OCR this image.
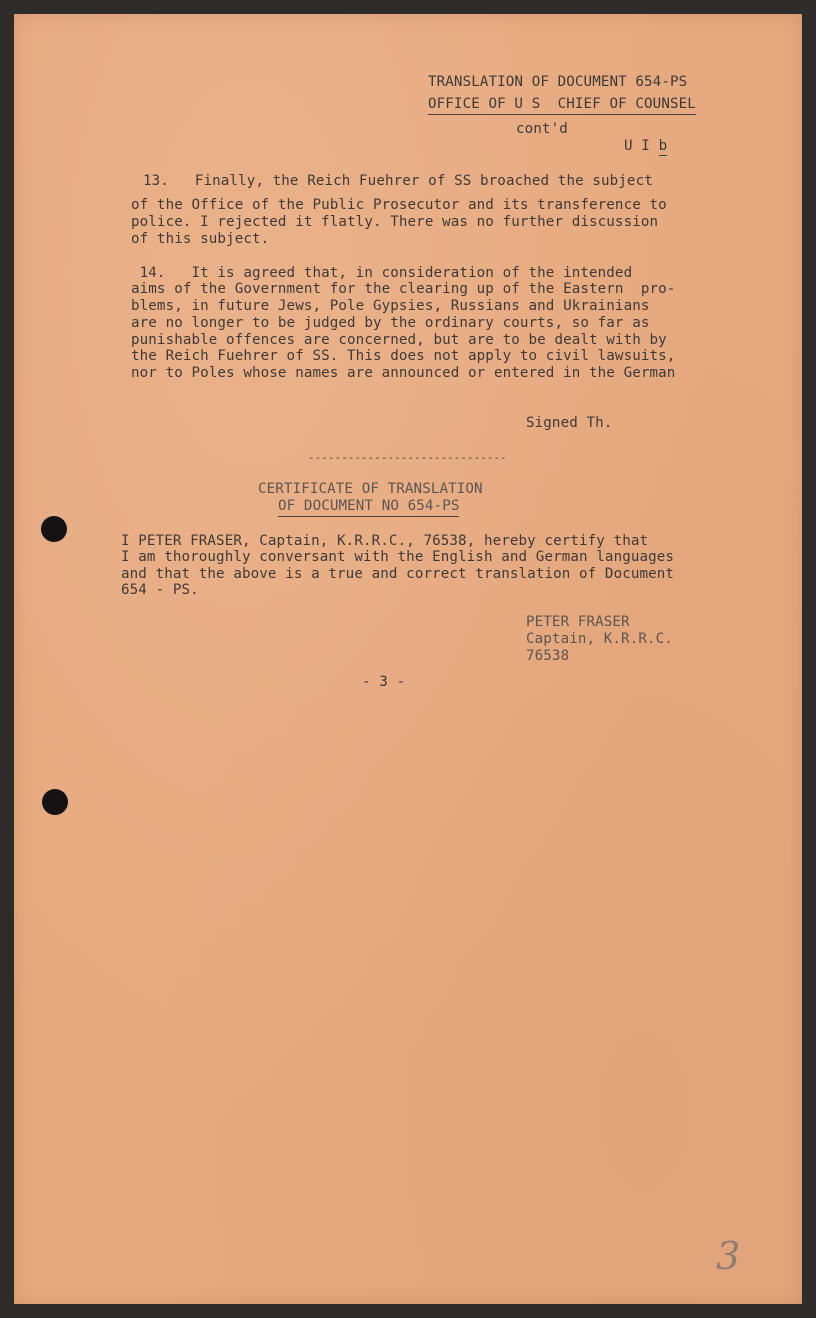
TRANSLATION OF DOCUMENT 654-PS
OFFICE OF U S  CHIEF OF COUNSEL
cont'd
U I b
13.   Finally, the Reich Fuehrer of SS broached the subject
of the Office of the Public Prosecutor and its transference to
police. I rejected it flatly. There was no further discussion
of this subject.
14.   It is agreed that, in consideration of the intended
aims of the Government for the clearing up of the Eastern  pro-
blems, in future Jews, Pole Gypsies, Russians and Ukrainians
are no longer to be judged by the ordinary courts, so far as
punishable offences are concerned, but are to be dealt with by
the Reich Fuehrer of SS. This does not apply to civil lawsuits,
nor to Poles whose names are announced or entered in the German
Signed Th.
------------------------------
CERTIFICATE OF TRANSLATION
OF DOCUMENT NO 654-PS
I PETER FRASER, Captain, K.R.R.C., 76538, hereby certify that
I am thoroughly conversant with the English and German languages
and that the above is a true and correct translation of Document
654 - PS.
PETER FRASER
Captain, K.R.R.C.
76538
- 3 -
3
